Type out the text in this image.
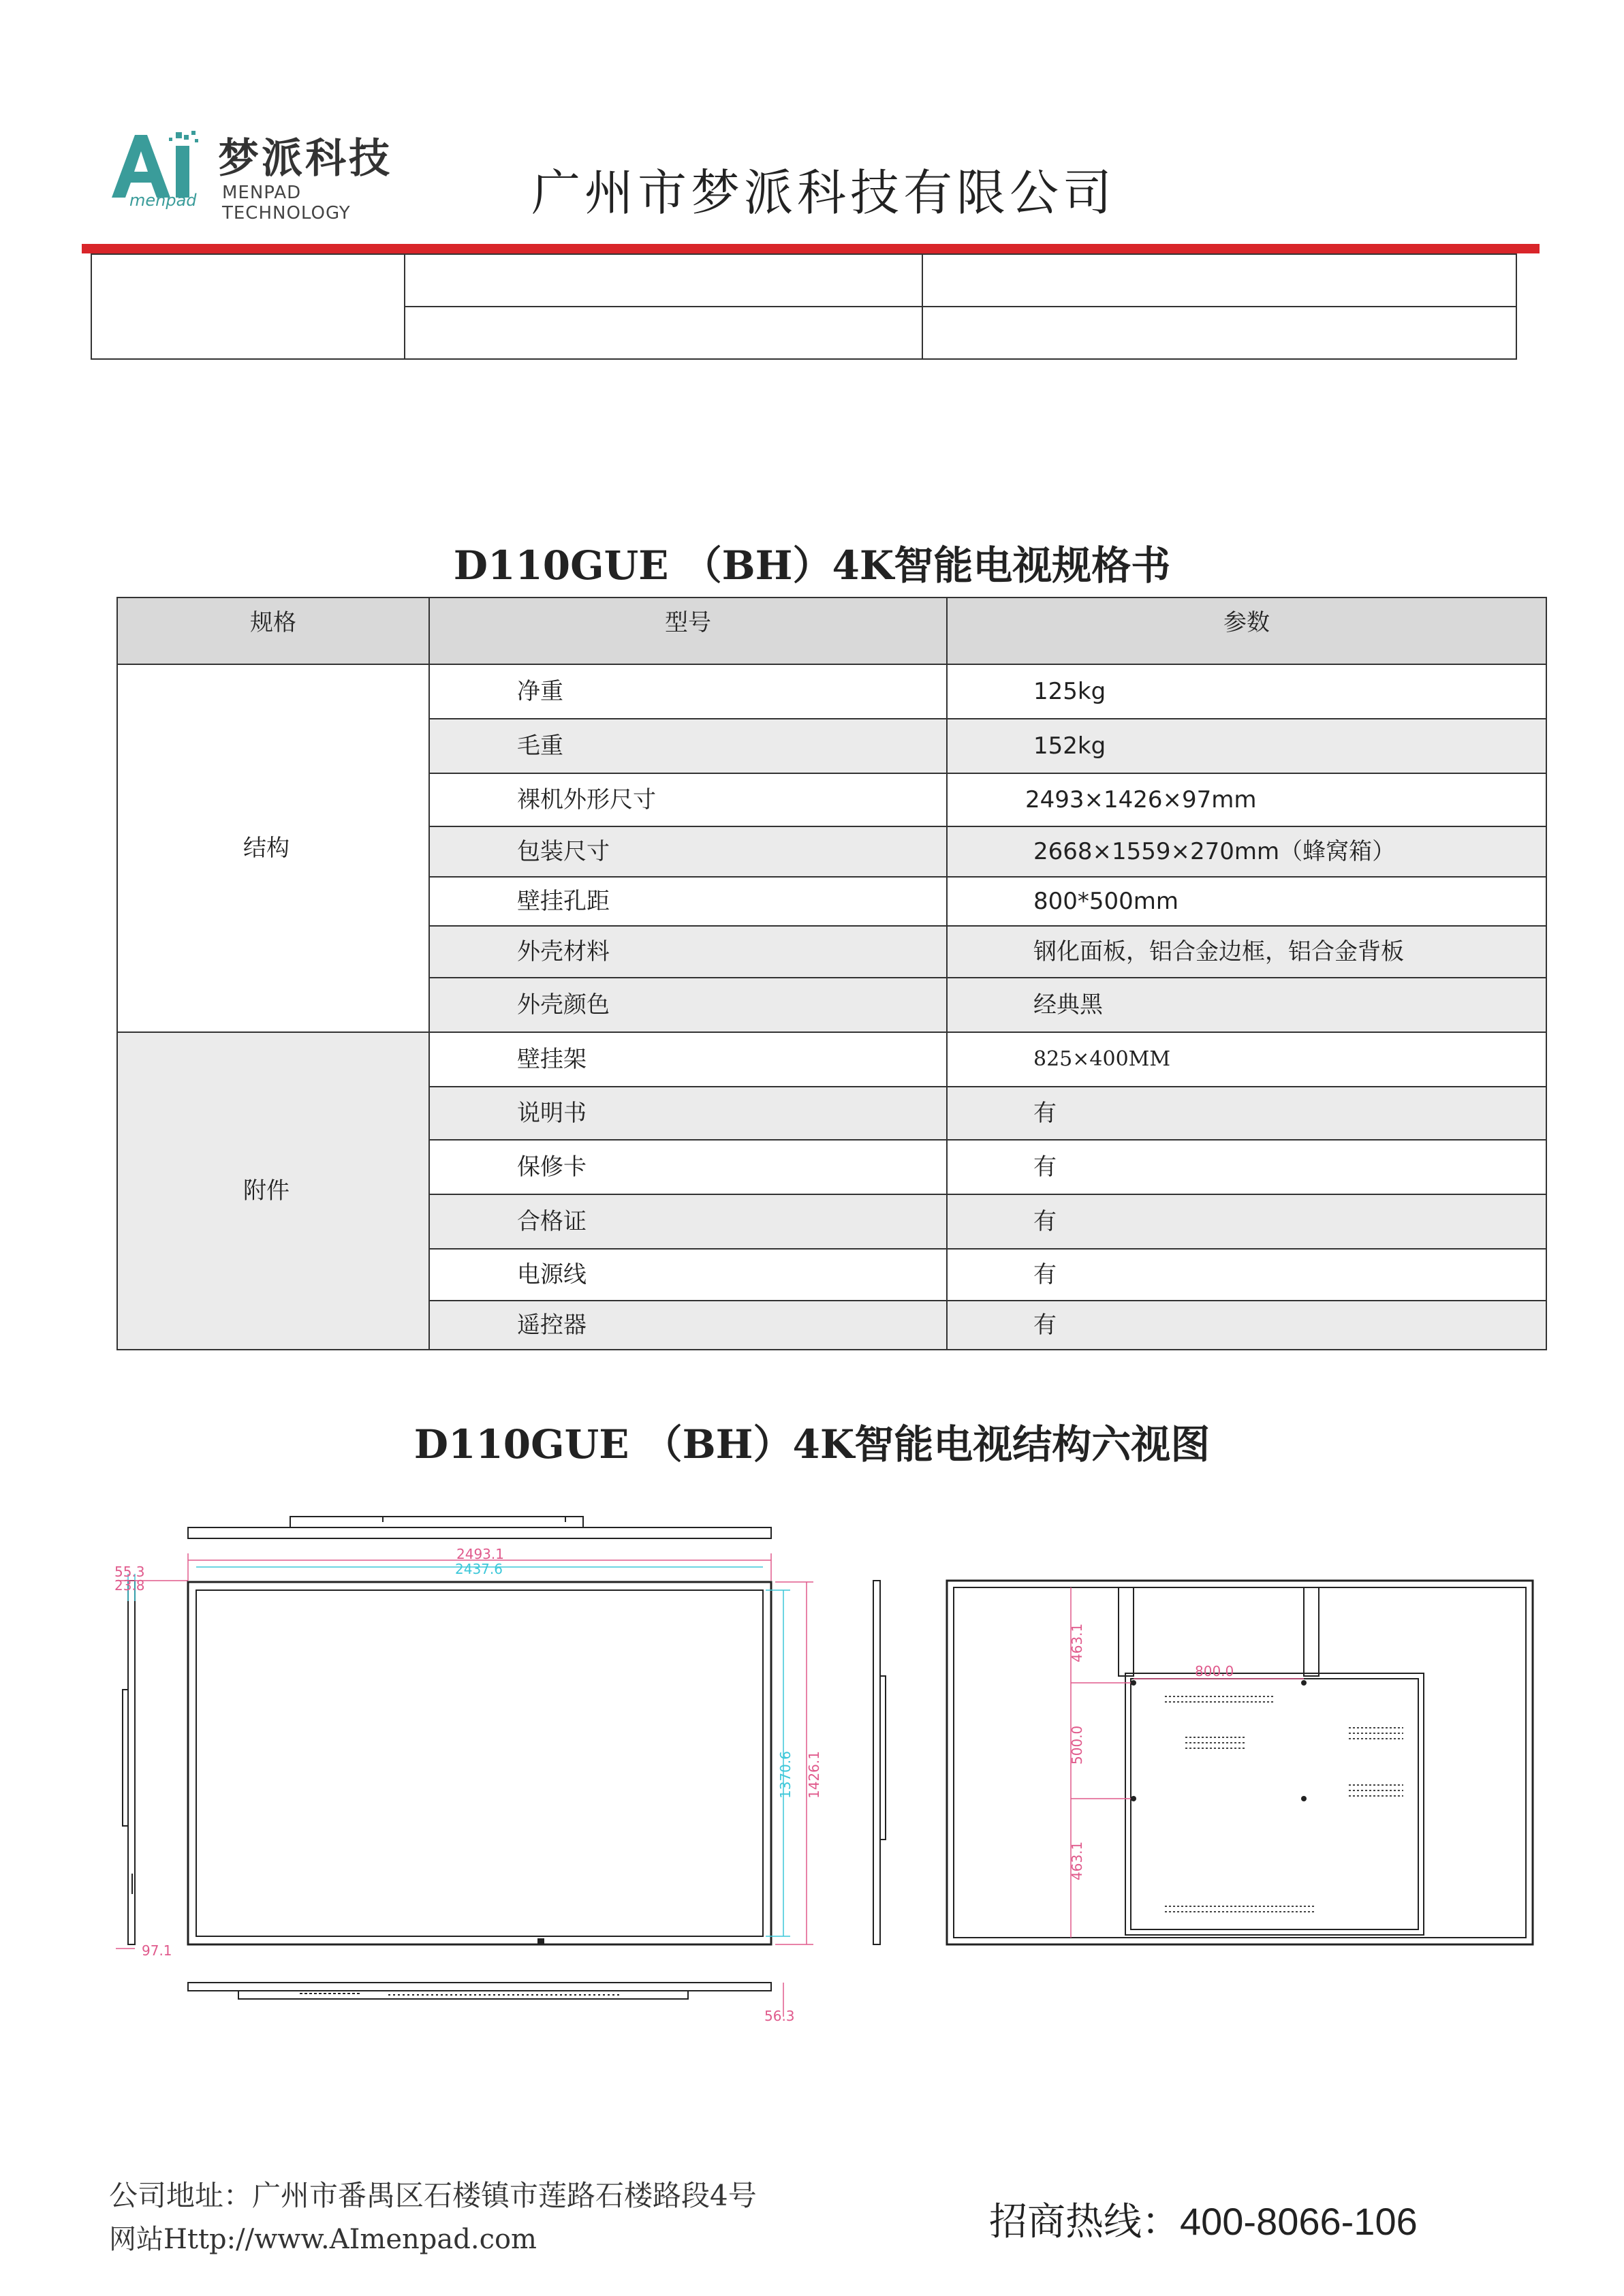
menpad
梦派科技
MENPAD TECHNOLOGY	广州市梦派科技有限公司
D110GUE （BH）4K智能电视规格书
规格	型号	参数
结构	净重	125kg
	毛重	152kg
	裸机外形尺寸	2493×1426×97mm
	包装尺寸	2668×1559×270mm（蜂窝箱）
	壁挂孔距	800*500mm
	外壳材料	钢化面板，铝合金边框，铝合金背板
	外壳颜色	经典黑
附件	壁挂架	825×400MM
	说明书	有
	保修卡	有
	合格证	有
	电源线	有
	遥控器	有
D110GUE （BH）4K智能电视结构六视图
55.3
23.8
2493.1
2437.6
1370.6 1426.1
97.1
56.3
800.0
500.0
463.1
463.1
公司地址：广州市番禺区石楼镇市莲路石楼路段4号
网站Http://www.AImenpad.com	招商热线：400-8066-106
